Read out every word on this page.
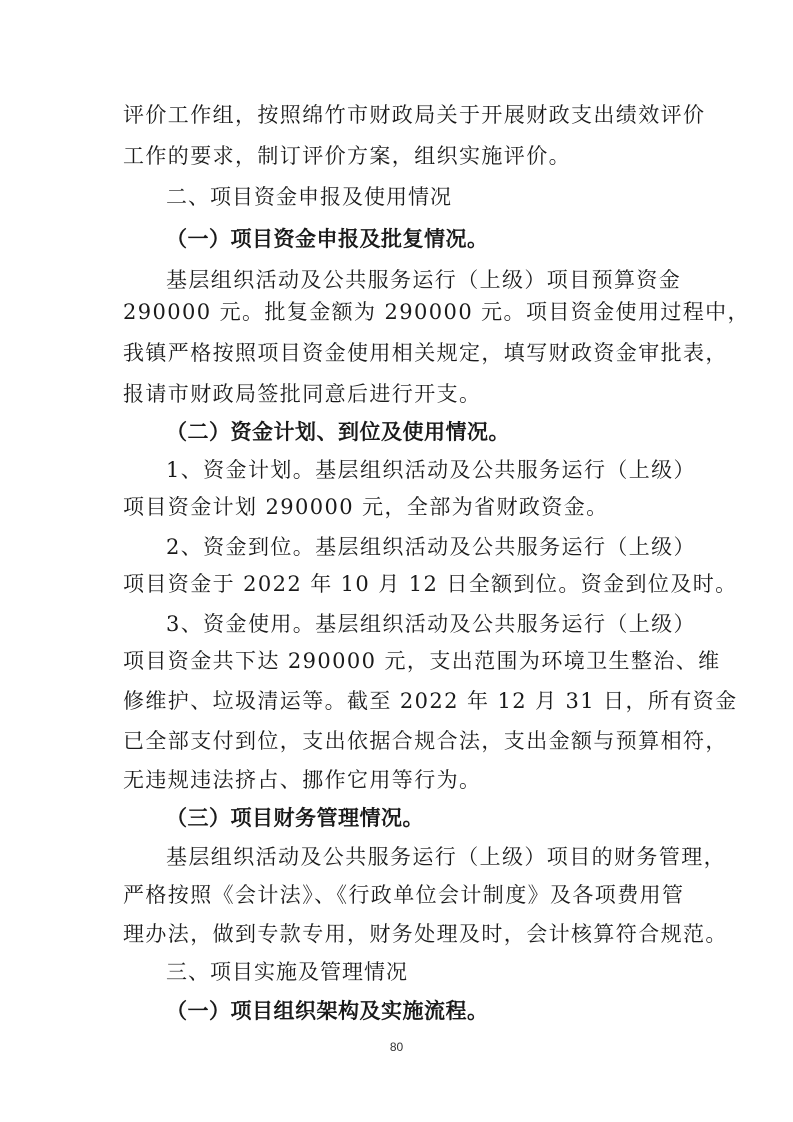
评价工作组，按照绵竹市财政局关于开展财政支出绩效评价
工作的要求，制订评价方案，组织实施评价。
二、项目资金申报及使用情况
（一）项目资金申报及批复情况。
基层组织活动及公共服务运行（上级）项目预算资金
290000 元。批复金额为 290000 元。项目资金使用过程中，
我镇严格按照项目资金使用相关规定，填写财政资金审批表，
报请市财政局签批同意后进行开支。
（二）资金计划、到位及使用情况。
1、资金计划。基层组织活动及公共服务运行（上级）
项目资金计划 290000 元，全部为省财政资金。
2、资金到位。基层组织活动及公共服务运行（上级）
项目资金于 2022 年 10 月 12 日全额到位。资金到位及时。
3、资金使用。基层组织活动及公共服务运行（上级）
项目资金共下达 290000 元，支出范围为环境卫生整治、维
修维护、垃圾清运等。截至 2022 年 12 月 31 日，所有资金
已全部支付到位，支出依据合规合法，支出金额与预算相符，
无违规违法挤占、挪作它用等行为。
（三）项目财务管理情况。
基层组织活动及公共服务运行（上级）项目的财务管理，
严格按照《会计法》、《行政单位会计制度》及各项费用管
理办法，做到专款专用，财务处理及时，会计核算符合规范。
三、项目实施及管理情况
（一）项目组织架构及实施流程。
80
